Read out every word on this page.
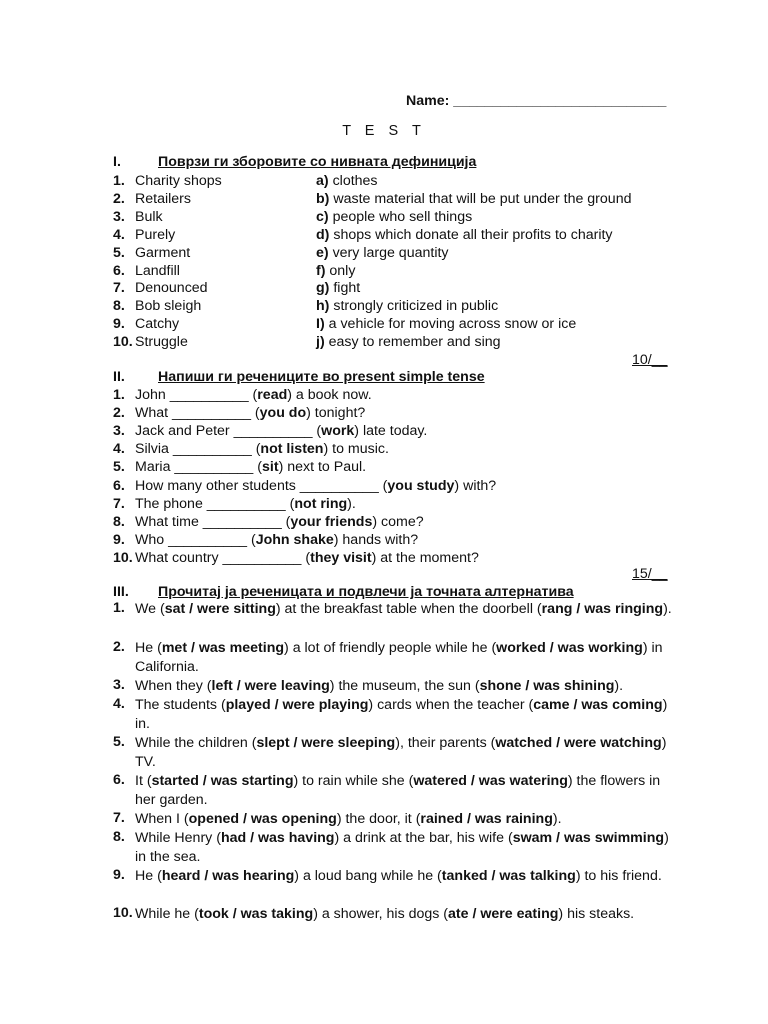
Name: ___________________________
T E S T
I.	Поврзи ги зборовите со нивната дефиниција
1. Charity shops	a) clothes
2. Retailers	b) waste material that will be put under the ground
3. Bulk	c) people who sell things
4. Purely	d) shops which donate all their profits to charity
5. Garment	e) very large quantity
6. Landfill	f) only
7. Denounced	g) fight
8. Bob sleigh	h) strongly criticized in public
9. Catchy	I) a vehicle for moving across snow or ice
10. Struggle	j) easy to remember and sing
10/__
II. Напиши ги реченицитe во present simple tense
1. John __________ (read) a book now.
2. What __________ (you do) tonight?
3. Jack and Peter __________ (work) late today.
4. Silvia __________ (not listen) to music.
5. Maria __________ (sit) next to Paul.
6. How many other students __________ (you study) with?
7. The phone __________ (not ring).
8. What time __________ (your friends) come?
9. Who __________ (John shake) hands with?
10. What country __________ (they visit) at the moment?
15/__
III. Прочитај ја реченицата и подвлечи ја точната алтернатива
1. We (sat / were sitting) at the breakfast table when the doorbell (rang / was ringing).
2. He (met / was meeting) a lot of friendly people while he (worked / was working) in California.
3. When they (left / were leaving) the museum, the sun (shone / was shining).
4. The students (played / were playing) cards when the teacher (came / was coming) in.
5. While the children (slept / were sleeping), their parents (watched / were watching) TV.
6. It (started / was starting) to rain while she (watered / was watering) the flowers in her garden.
7. When I (opened / was opening) the door, it (rained / was raining).
8. While Henry (had / was having) a drink at the bar, his wife (swam / was swimming) in the sea.
9. He (heard / was hearing) a loud bang while he (tanked / was talking) to his friend.
10. While he (took / was taking) a shower, his dogs (ate / were eating) his steaks.
